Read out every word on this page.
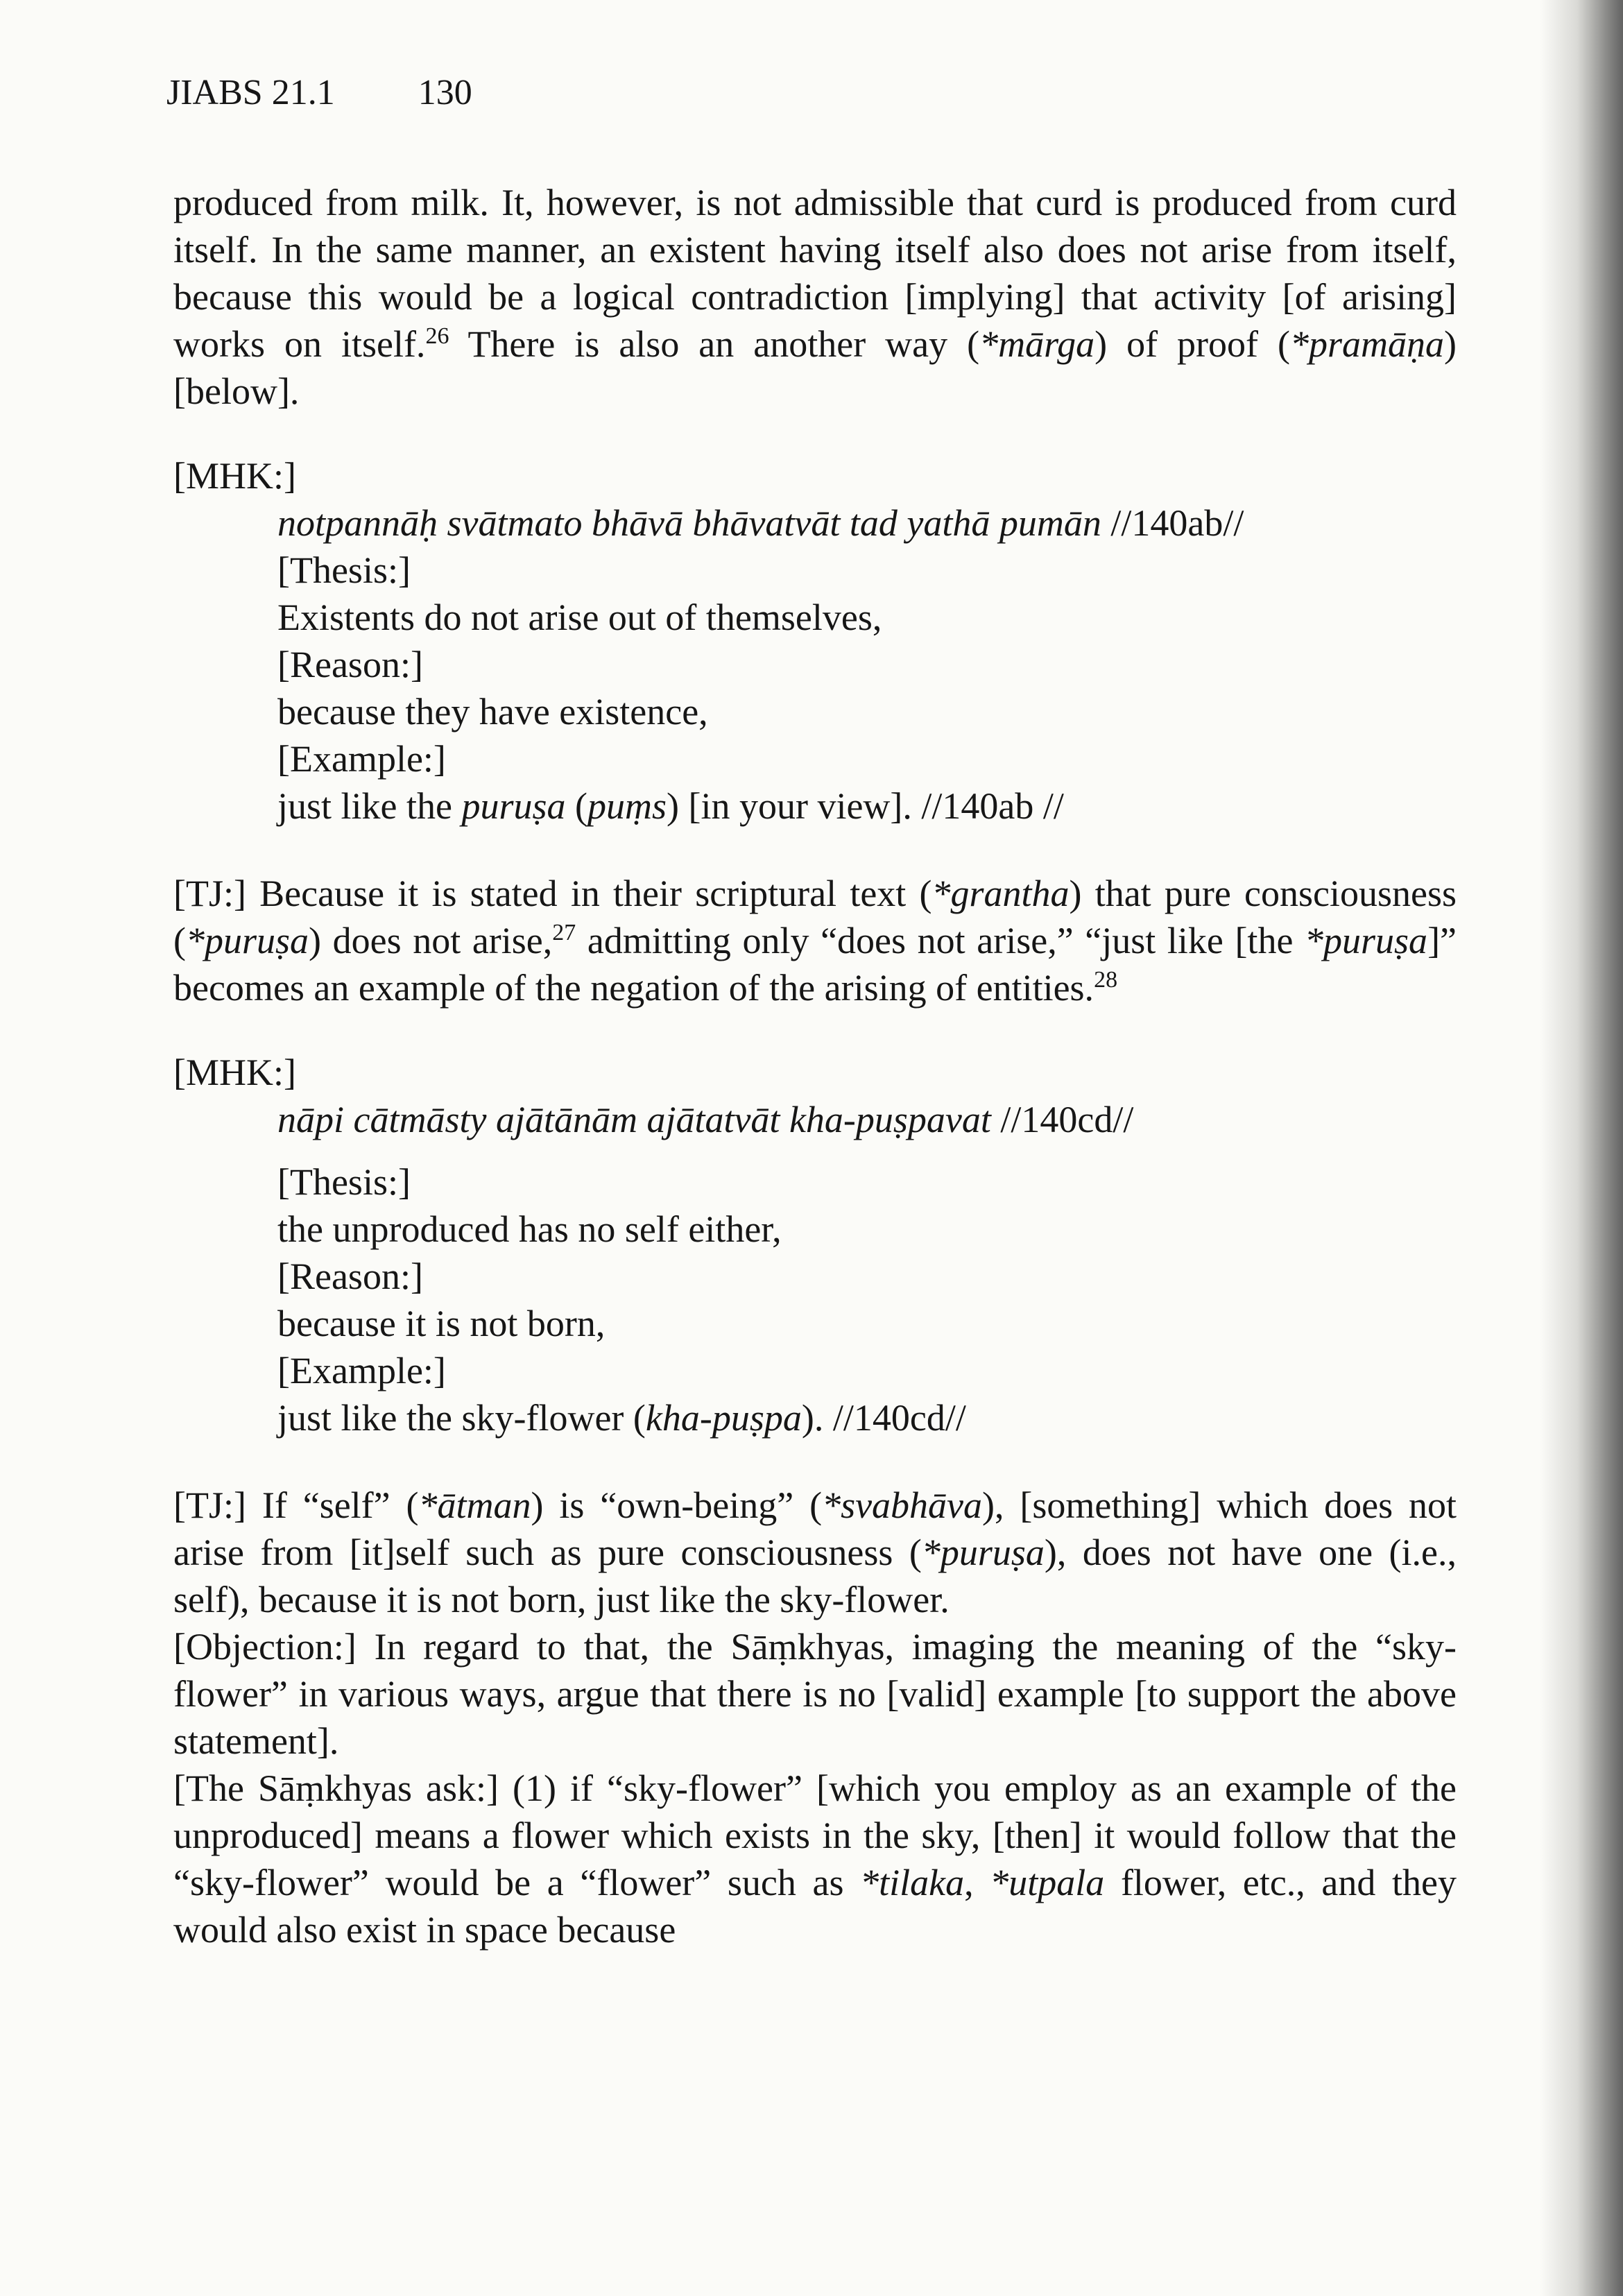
JIABS 21.1 130

produced from milk. It, however, is not admissible that curd is produced from curd itself. In the same manner, an existent having itself also does not arise from itself, because this would be a logical contradiction [implying] that activity [of arising] works on itself.$^{26}$ There is also an another way (*mārga) of proof (*pramāṇa) [below].

[MHK:]

notpannāḥ svātmato bhāvā bhāvatvāt tad yathā pumān //140ab//

[Thesis:]

Existents do not arise out of themselves,

[Reason:]

because they have existence,

[Example:]

just like the puruṣa (puṃs) [in your view]. //140ab //

[TJ:] Because it is stated in their scriptural text (*grantha) that pure consciousness (*puruṣa) does not arise,$^{27}$ admitting only “does not arise,” “just like [the *puruṣa]” becomes an example of the negation of the arising of entities.$^{28}$

[MHK:]

nāpi cātmāsty ajātānām ajātatvāt kha-puṣpavat //140cd//

[Thesis:]

the unproduced has no self either,

[Reason:]

because it is not born,

[Example:]

just like the sky-flower (kha-puṣpa). //140cd//

[TJ:] If “self” (*ātman) is “own-being” (*svabhāva), [something] which does not arise from [it]self such as pure consciousness (*puruṣa), does not have one (i.e., self), because it is not born, just like the sky-flower.

[Objection:] In regard to that, the Sāṃkhyas, imaging the meaning of the “sky-flower” in various ways, argue that there is no [valid] example [to support the above statement].

[The Sāṃkhyas ask:] (1) if “sky-flower” [which you employ as an example of the unproduced] means a flower which exists in the sky, [then] it would follow that the “sky-flower” would be a “flower” such as *tilaka, *utpala flower, etc., and they would also exist in space because
